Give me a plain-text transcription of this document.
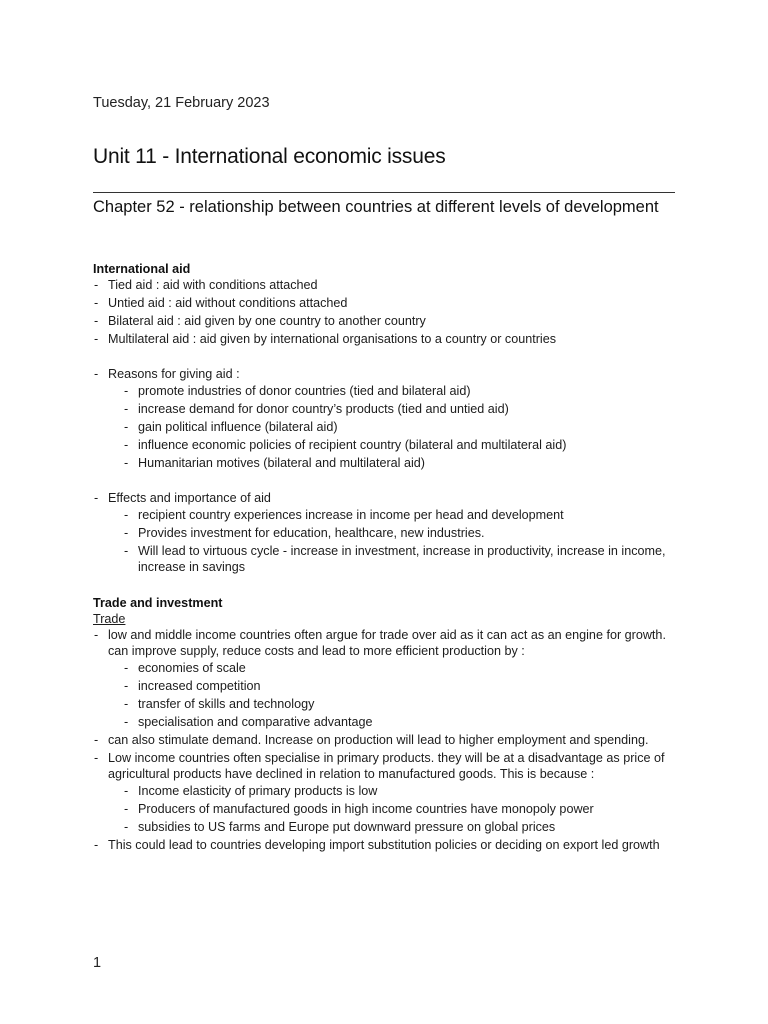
Tuesday, 21 February 2023
Unit 11 - International economic issues
Chapter 52 - relationship between countries at different levels of development

International aid

- Tied aid : aid with conditions attached
- Untied aid : aid without conditions attached
- Bilateral aid : aid given by one country to another country
- Multilateral aid : aid given by international organisations to a country or countries
- Reasons for giving aid :
- promote industries of donor countries (tied and bilateral aid)
- increase demand for donor country’s products (tied and untied aid)
- gain political influence (bilateral aid)
- influence economic policies of recipient country (bilateral and multilateral aid)
- Humanitarian motives (bilateral and multilateral aid)
- Effects and importance of aid
- recipient country experiences increase in income per head and development
- Provides investment for education, healthcare, new industries.
- Will lead to virtuous cycle - increase in investment, increase in productivity, increase in income, increase in savings

Trade and investment

Trade

- low and middle income countries often argue for trade over aid as it can act as an engine for growth. can improve supply, reduce costs and lead to more efficient production by :
- economies of scale
- increased competition
- transfer of skills and technology
- specialisation and comparative advantage
- can also stimulate demand. Increase on production will lead to higher employment and spending.
- Low income countries often specialise in primary products. they will be at a disadvantage as price of agricultural products have declined in relation to manufactured goods. This is because :
- Income elasticity of primary products is low
- Producers of manufactured goods in high income countries have monopoly power
- subsidies to US farms and Europe put downward pressure on global prices
- This could lead to countries developing import substitution policies or deciding on export led growth
1
